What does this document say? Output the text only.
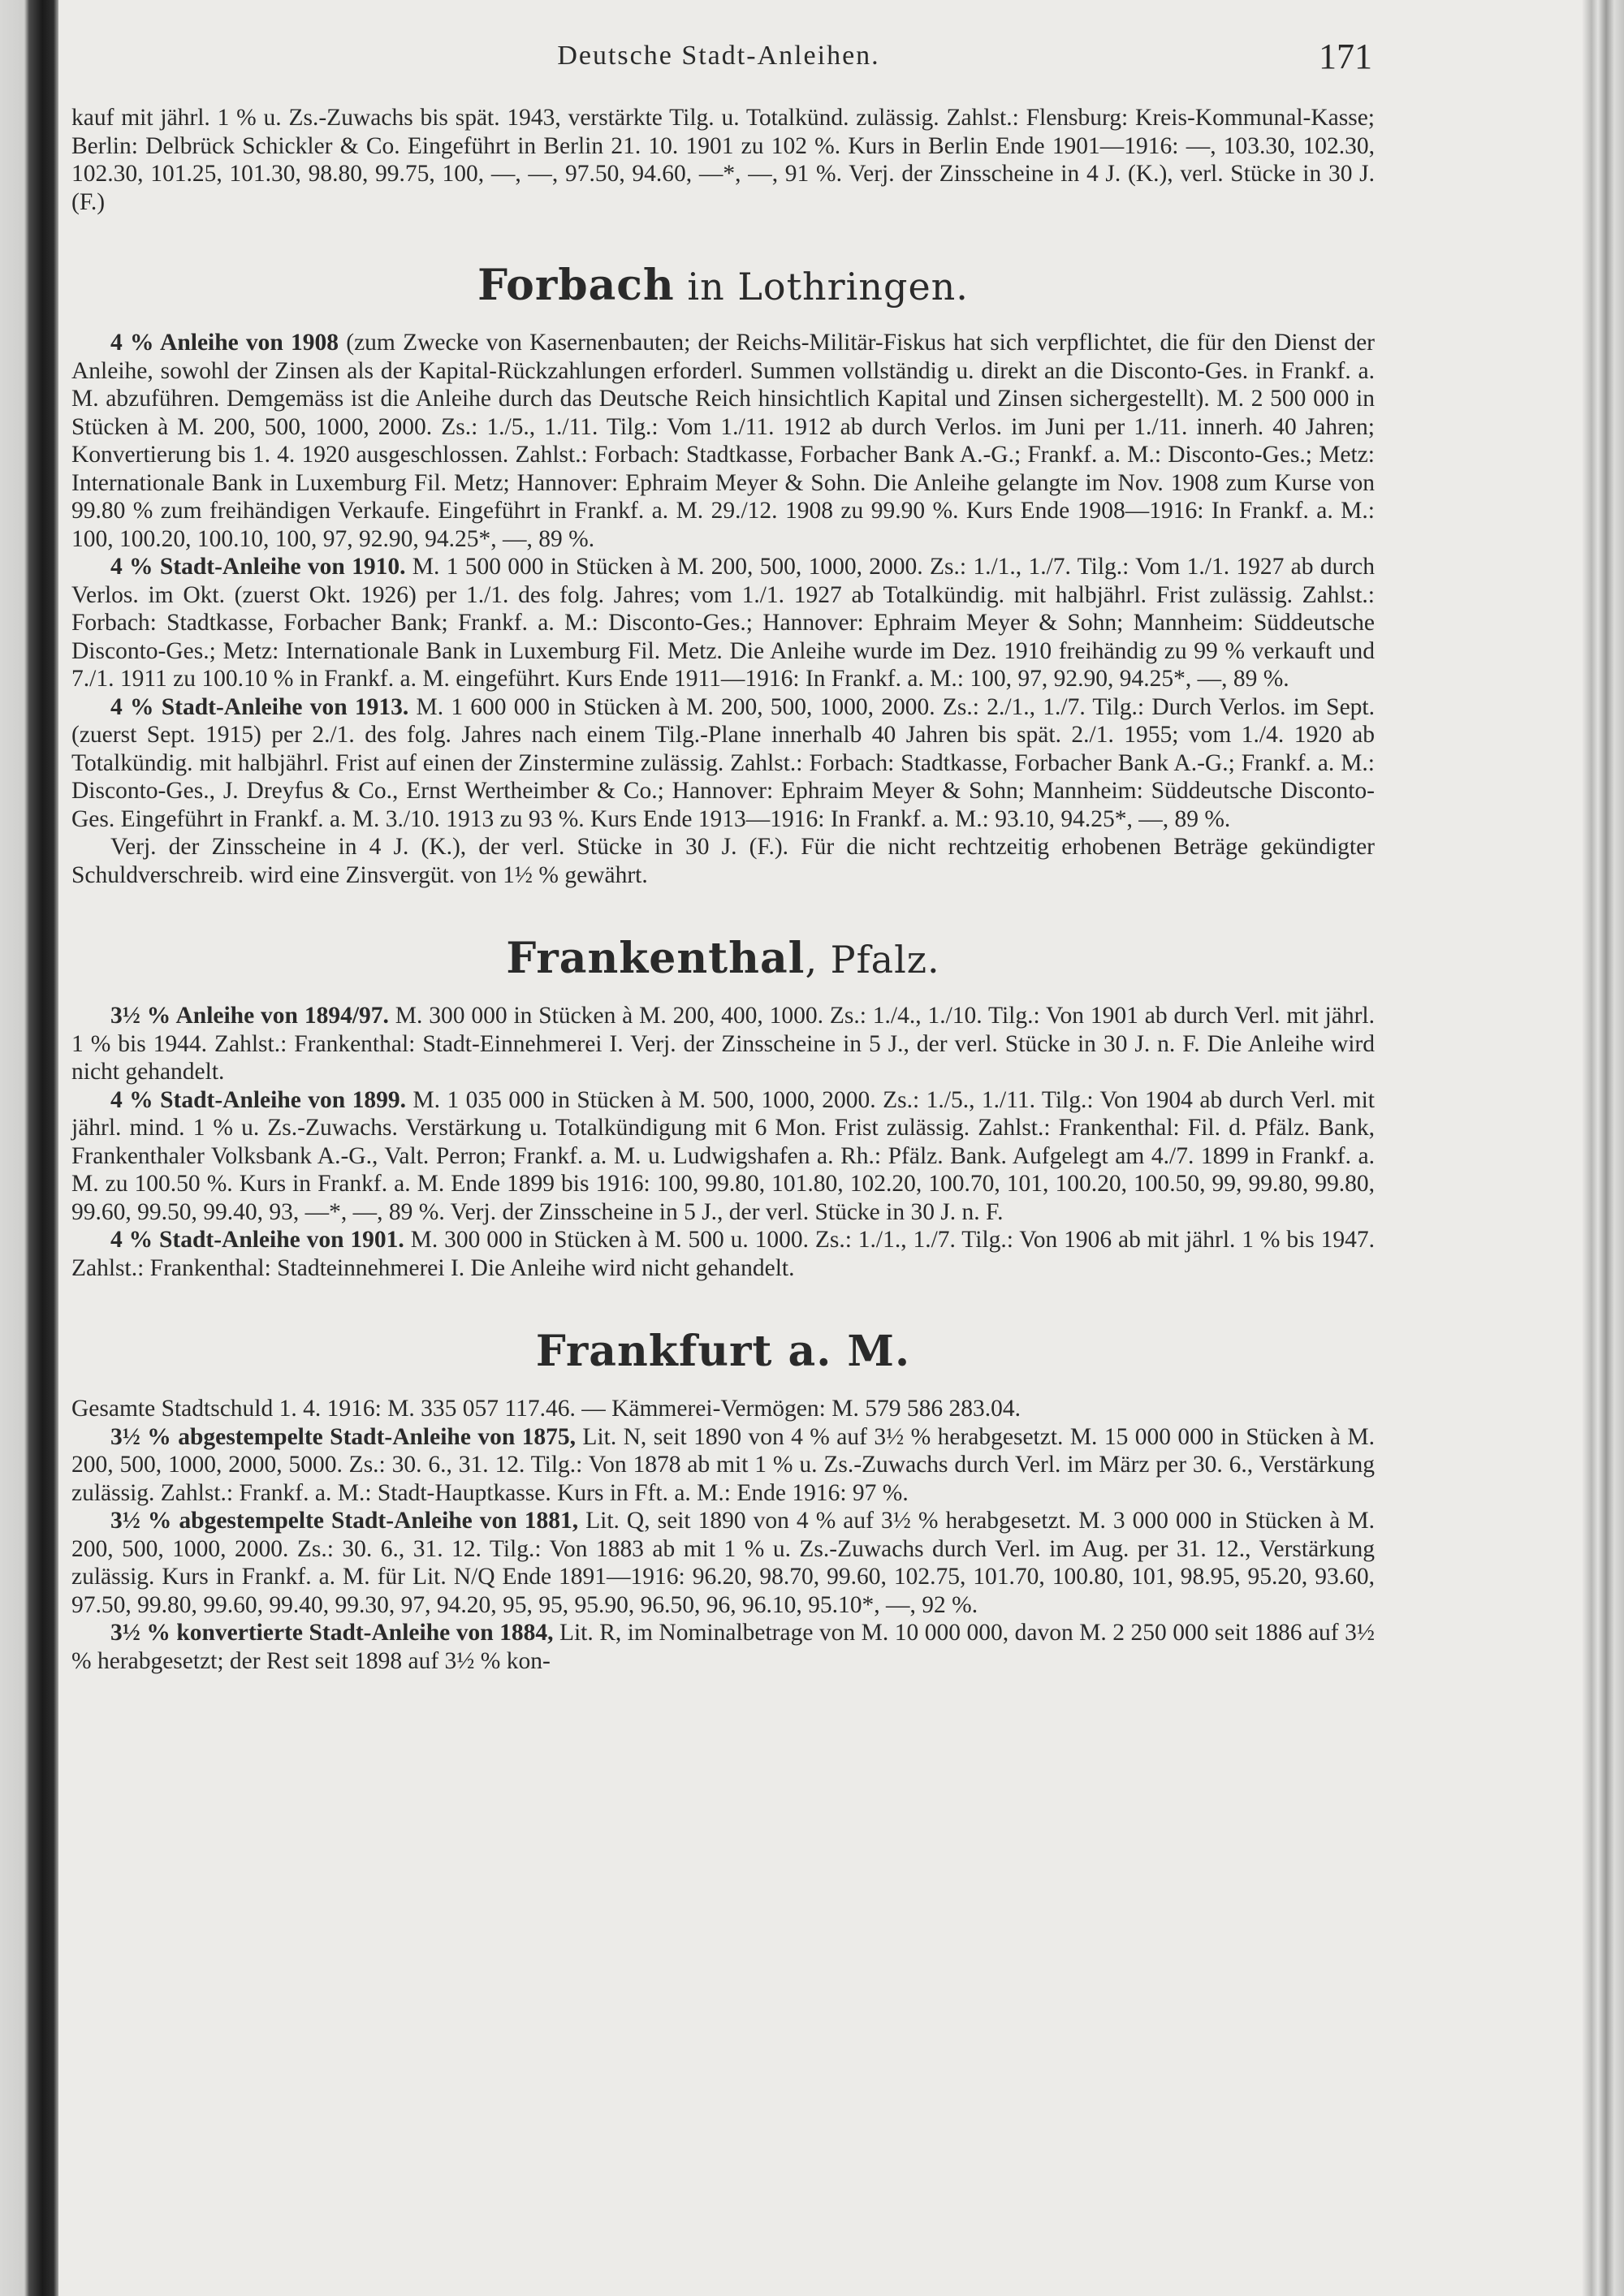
Deutsche Stadt-Anleihen.	171

kauf mit jährl. 1 % u. Zs.-Zuwachs bis spät. 1943, verstärkte Tilg. u. Totalkünd. zulässig. Zahlst.: Flensburg: Kreis-Kommunal-Kasse; Berlin: Delbrück Schickler & Co. Eingeführt in Berlin 21. 10. 1901 zu 102 %. Kurs in Berlin Ende 1901—1916: —, 103.30, 102.30, 102.30, 101.25, 101.30, 98.80, 99.75, 100, —, —, 97.50, 94.60, —*, —, 91 %. Verj. der Zinsscheine in 4 J. (K.), verl. Stücke in 30 J. (F.)

Forbach in Lothringen.

4 % Anleihe von 1908 (zum Zwecke von Kasernenbauten; der Reichs-Militär-Fiskus hat sich verpflichtet, die für den Dienst der Anleihe, sowohl der Zinsen als der Kapital-Rückzahlungen erforderl. Summen vollständig u. direkt an die Disconto-Ges. in Frankf. a. M. abzuführen. Demgemäss ist die Anleihe durch das Deutsche Reich hinsichtlich Kapital und Zinsen sichergestellt). M. 2 500 000 in Stücken à M. 200, 500, 1000, 2000. Zs.: 1./5., 1./11. Tilg.: Vom 1./11. 1912 ab durch Verlos. im Juni per 1./11. innerh. 40 Jahren; Konvertierung bis 1. 4. 1920 ausgeschlossen. Zahlst.: Forbach: Stadtkasse, Forbacher Bank A.-G.; Frankf. a. M.: Disconto-Ges.; Metz: Internationale Bank in Luxemburg Fil. Metz; Hannover: Ephraim Meyer & Sohn. Die Anleihe gelangte im Nov. 1908 zum Kurse von 99.80 % zum freihändigen Verkaufe. Eingeführt in Frankf. a. M. 29./12. 1908 zu 99.90 %. Kurs Ende 1908—1916: In Frankf. a. M.: 100, 100.20, 100.10, 100, 97, 92.90, 94.25*, —, 89 %.

4 % Stadt-Anleihe von 1910. M. 1 500 000 in Stücken à M. 200, 500, 1000, 2000. Zs.: 1./1., 1./7. Tilg.: Vom 1./1. 1927 ab durch Verlos. im Okt. (zuerst Okt. 1926) per 1./1. des folg. Jahres; vom 1./1. 1927 ab Totalkündig. mit halbjährl. Frist zulässig. Zahlst.: Forbach: Stadtkasse, Forbacher Bank; Frankf. a. M.: Disconto-Ges.; Hannover: Ephraim Meyer & Sohn; Mannheim: Süddeutsche Disconto-Ges.; Metz: Internationale Bank in Luxemburg Fil. Metz. Die Anleihe wurde im Dez. 1910 freihändig zu 99 % verkauft und 7./1. 1911 zu 100.10 % in Frankf. a. M. eingeführt. Kurs Ende 1911—1916: In Frankf. a. M.: 100, 97, 92.90, 94.25*, —, 89 %.

4 % Stadt-Anleihe von 1913. M. 1 600 000 in Stücken à M. 200, 500, 1000, 2000. Zs.: 2./1., 1./7. Tilg.: Durch Verlos. im Sept. (zuerst Sept. 1915) per 2./1. des folg. Jahres nach einem Tilg.-Plane innerhalb 40 Jahren bis spät. 2./1. 1955; vom 1./4. 1920 ab Totalkündig. mit halbjährl. Frist auf einen der Zinstermine zulässig. Zahlst.: Forbach: Stadtkasse, Forbacher Bank A.-G.; Frankf. a. M.: Disconto-Ges., J. Dreyfus & Co., Ernst Wertheimber & Co.; Hannover: Ephraim Meyer & Sohn; Mannheim: Süddeutsche Disconto-Ges. Eingeführt in Frankf. a. M. 3./10. 1913 zu 93 %. Kurs Ende 1913—1916: In Frankf. a. M.: 93.10, 94.25*, —, 89 %.

Verj. der Zinsscheine in 4 J. (K.), der verl. Stücke in 30 J. (F.). Für die nicht rechtzeitig erhobenen Beträge gekündigter Schuldverschreib. wird eine Zinsvergüt. von 1½ % gewährt.

Frankenthal, Pfalz.

3½ % Anleihe von 1894/97. M. 300 000 in Stücken à M. 200, 400, 1000. Zs.: 1./4., 1./10. Tilg.: Von 1901 ab durch Verl. mit jährl. 1 % bis 1944. Zahlst.: Frankenthal: Stadt-Einnehmerei I. Verj. der Zinsscheine in 5 J., der verl. Stücke in 30 J. n. F. Die Anleihe wird nicht gehandelt.

4 % Stadt-Anleihe von 1899. M. 1 035 000 in Stücken à M. 500, 1000, 2000. Zs.: 1./5., 1./11. Tilg.: Von 1904 ab durch Verl. mit jährl. mind. 1 % u. Zs.-Zuwachs. Verstärkung u. Totalkündigung mit 6 Mon. Frist zulässig. Zahlst.: Frankenthal: Fil. d. Pfälz. Bank, Frankenthaler Volksbank A.-G., Valt. Perron; Frankf. a. M. u. Ludwigshafen a. Rh.: Pfälz. Bank. Aufgelegt am 4./7. 1899 in Frankf. a. M. zu 100.50 %. Kurs in Frankf. a. M. Ende 1899 bis 1916: 100, 99.80, 101.80, 102.20, 100.70, 101, 100.20, 100.50, 99, 99.80, 99.80, 99.60, 99.50, 99.40, 93, —*, —, 89 %. Verj. der Zinsscheine in 5 J., der verl. Stücke in 30 J. n. F.

4 % Stadt-Anleihe von 1901. M. 300 000 in Stücken à M. 500 u. 1000. Zs.: 1./1., 1./7. Tilg.: Von 1906 ab mit jährl. 1 % bis 1947. Zahlst.: Frankenthal: Stadteinnehmerei I. Die Anleihe wird nicht gehandelt.

Frankfurt a. M.

Gesamte Stadtschuld 1. 4. 1916: M. 335 057 117.46. — Kämmerei-Vermögen: M. 579 586 283.04.

3½ % abgestempelte Stadt-Anleihe von 1875, Lit. N, seit 1890 von 4 % auf 3½ % herabgesetzt. M. 15 000 000 in Stücken à M. 200, 500, 1000, 2000, 5000. Zs.: 30. 6., 31. 12. Tilg.: Von 1878 ab mit 1 % u. Zs.-Zuwachs durch Verl. im März per 30. 6., Verstärkung zulässig. Zahlst.: Frankf. a. M.: Stadt-Hauptkasse. Kurs in Fft. a. M.: Ende 1916: 97 %.

3½ % abgestempelte Stadt-Anleihe von 1881, Lit. Q, seit 1890 von 4 % auf 3½ % herabgesetzt. M. 3 000 000 in Stücken à M. 200, 500, 1000, 2000. Zs.: 30. 6., 31. 12. Tilg.: Von 1883 ab mit 1 % u. Zs.-Zuwachs durch Verl. im Aug. per 31. 12., Verstärkung zulässig. Kurs in Frankf. a. M. für Lit. N/Q Ende 1891—1916: 96.20, 98.70, 99.60, 102.75, 101.70, 100.80, 101, 98.95, 95.20, 93.60, 97.50, 99.80, 99.60, 99.40, 99.30, 97, 94.20, 95, 95, 95.90, 96.50, 96, 96.10, 95.10*, —, 92 %.

3½ % konvertierte Stadt-Anleihe von 1884, Lit. R, im Nominalbetrage von M. 10 000 000, davon M. 2 250 000 seit 1886 auf 3½ % herabgesetzt; der Rest seit 1898 auf 3½ % kon-
